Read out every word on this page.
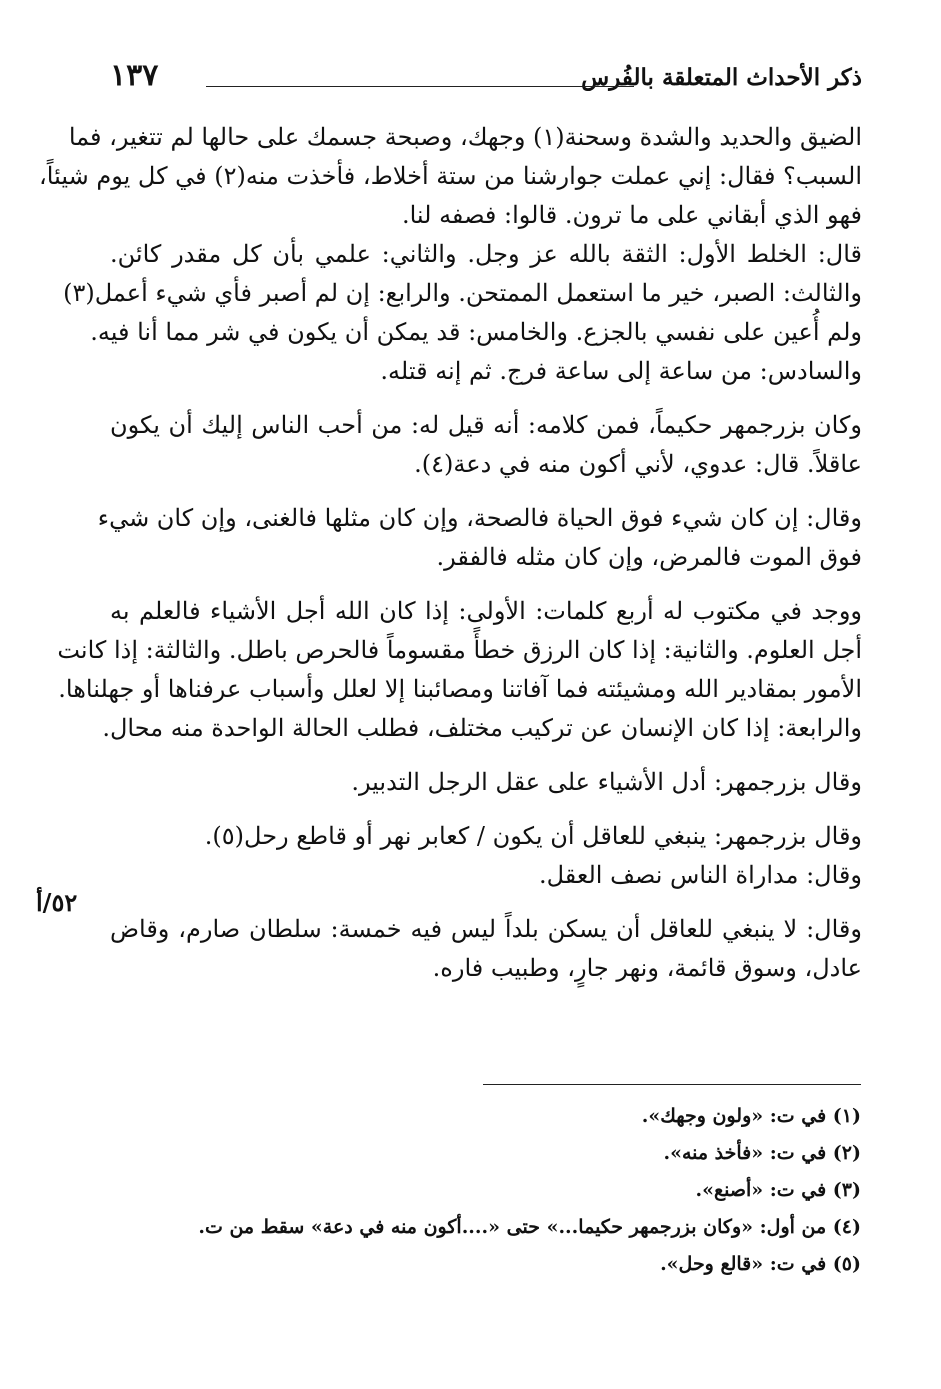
ذكر الأحداث المتعلقة بالفُرس
١٣٧
٥٢/أ
الضيق والحديد والشدة وسحنة(١) وجهك، وصبحة جسمك على حالها لم تتغير، فما
السبب؟ فقال: إني عملت جوارشنا من ستة أخلاط، فأخذت منه(٢) في كل يوم شيئاً،
فهو الذي أبقاني على ما ترون. قالوا: فصفه لنا.
قال: الخلط الأول: الثقة بالله عز وجل. والثاني: علمي بأن كل مقدر كائن.
والثالث: الصبر، خير ما استعمل الممتحن. والرابع: إن لم أصبر فأي شيء أعمل(٣)
ولم أُعين على نفسي بالجزع. والخامس: قد يمكن أن يكون في شر مما أنا فيه.
والسادس: من ساعة إلى ساعة فرج. ثم إنه قتله.
وكان بزرجمهر حكيماً، فمن كلامه: أنه قيل له: من أحب الناس إليك أن يكون
عاقلاً. قال: عدوي، لأني أكون منه في دعة(٤).
وقال: إن كان شيء فوق الحياة فالصحة، وإن كان مثلها فالغنى، وإن كان شيء
فوق الموت فالمرض، وإن كان مثله فالفقر.
ووجد في مكتوب له أربع كلمات: الأولى: إذا كان الله أجل الأشياء فالعلم به
أجل العلوم. والثانية: إذا كان الرزق خطأً مقسوماً فالحرص باطل. والثالثة: إذا كانت
الأمور بمقادير الله ومشيئته فما آفاتنا ومصائبنا إلا لعلل وأسباب عرفناها أو جهلناها.
والرابعة: إذا كان الإنسان عن تركيب مختلف، فطلب الحالة الواحدة منه محال.
وقال بزرجمهر: أدل الأشياء على عقل الرجل التدبير.
وقال بزرجمهر: ينبغي للعاقل أن يكون / كعابر نهر أو قاطع رحل(٥).
وقال: مداراة الناس نصف العقل.
وقال: لا ينبغي للعاقل أن يسكن بلداً ليس فيه خمسة: سلطان صارم، وقاض
عادل، وسوق قائمة، ونهر جارٍ، وطبيب فاره.
(١) في ت: «ولون وجهك».
(٢) في ت: «فأخذ منه».
(٣) في ت: «أصنع».
(٤) من أول: «وكان بزرجمهر حكيما...» حتى «....أكون منه في دعة» سقط من ت.
(٥) في ت: «قالع وحل».
